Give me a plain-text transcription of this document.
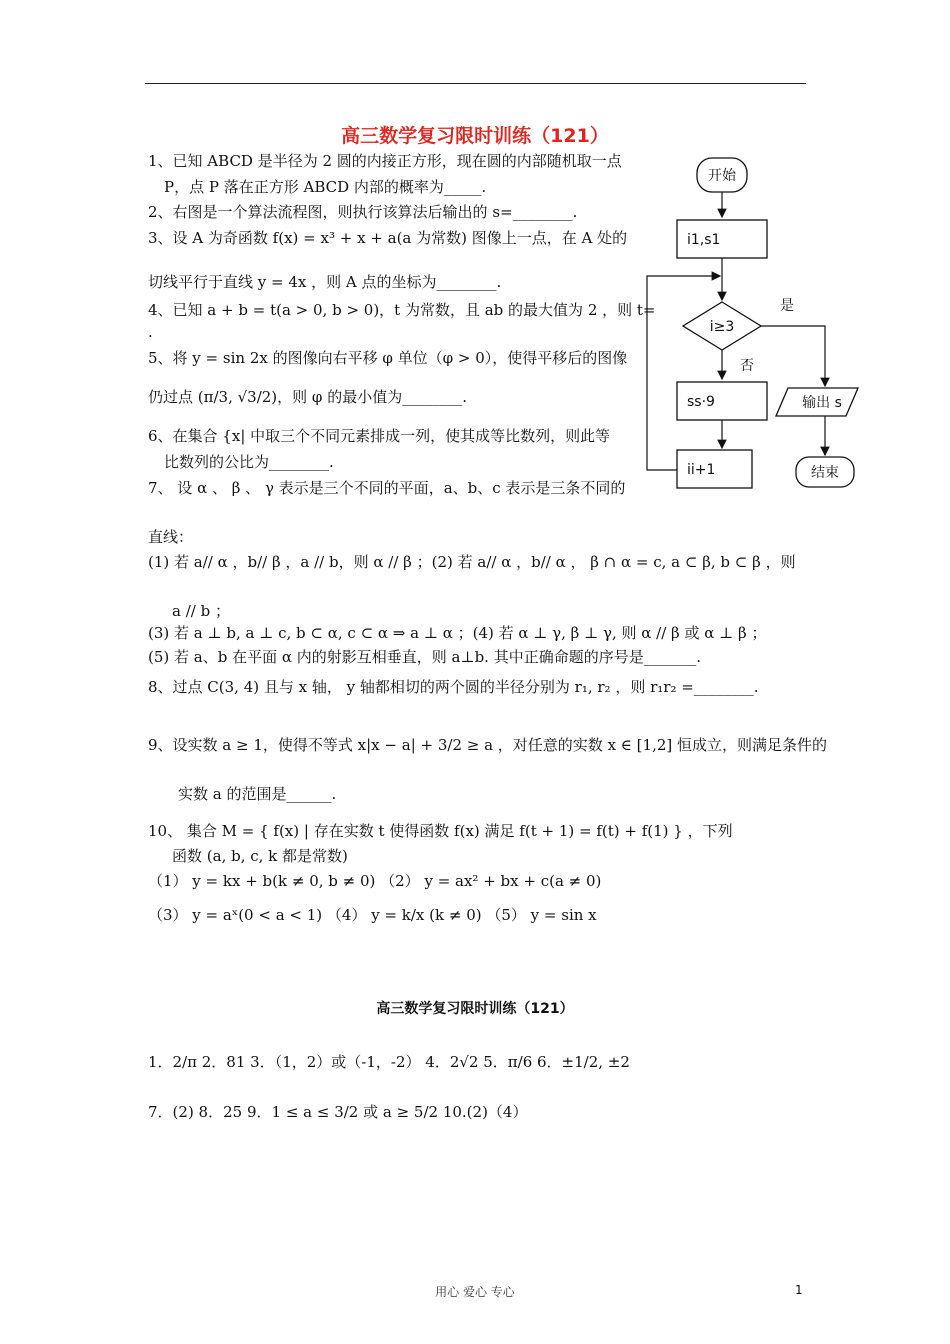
高三数学复习限时训练（121）
1、已知 ABCD 是半径为 2 圆的内接正方形，现在圆的内部随机取一点
P，点 P 落在正方形 ABCD 内部的概率为_____.
2、右图是一个算法流程图，则执行该算法后输出的 s=________.
3、设 A 为奇函数 f(x) = x³ + x + a(a 为常数) 图像上一点，在 A 处的
切线平行于直线 y = 4x ，则 A 点的坐标为________.
4、已知 a + b = t(a > 0, b > 0)，t 为常数，且 ab 的最大值为 2 ，则 t=
.
5、将 y = sin 2x 的图像向右平移 φ 单位（φ > 0），使得平移后的图像
仍过点 (π/3, √3/2)，则 φ 的最小值为________.
6、在集合 {x| 中取三个不同元素排成一列，使其成等比数列，则此等
比数列的公比为________.
7、 设 α 、 β 、 γ 表示是三个不同的平面，a、b、c 表示是三条不同的
直线：
(1) 若 a// α ，b// β ，a // b，则 α // β ；(2) 若 a// α ，b// α ， β ∩ α = c, a ⊂ β, b ⊂ β ，则
a // b ；
(3) 若 a ⊥ b, a ⊥ c, b ⊂ α, c ⊂ α ⇒ a ⊥ α ；(4) 若 α ⊥ γ, β ⊥ γ, 则 α // β 或 α ⊥ β ；
(5) 若 a、b 在平面 α 内的射影互相垂直，则 a⊥b. 其中正确命题的序号是_______.
8、过点 C(3, 4) 且与 x 轴， y 轴都相切的两个圆的半径分别为 r₁, r₂ ，则 r₁r₂ =________.
9、设实数 a ≥ 1，使得不等式 x|x − a| + 3/2 ≥ a ，对任意的实数 x ∈ [1,2] 恒成立，则满足条件的
实数 a 的范围是______.
10、 集合 M = { f(x) | 存在实数 t 使得函数 f(x) 满足 f(t + 1) = f(t) + f(1) } ，下列
函数 (a, b, c, k 都是常数)
（1） y = kx + b(k ≠ 0, b ≠ 0) （2） y = ax² + bx + c(a ≠ 0)
（3） y = aˣ(0 < a < 1) （4） y = k/x (k ≠ 0) （5） y = sin x
开始
i1,s1
i≥3
是
否
ss·9
ii+1
输出 s
结束
高三数学复习限时训练（121）
1．2/π 2．81 3．（1，2）或（-1，-2） 4．2√2 5．π/6 6．±1/2, ±2
7．(2) 8．25 9．1 ≤ a ≤ 3/2 或 a ≥ 5/2 10.(2)（4）
用心 爱心 专心	1
